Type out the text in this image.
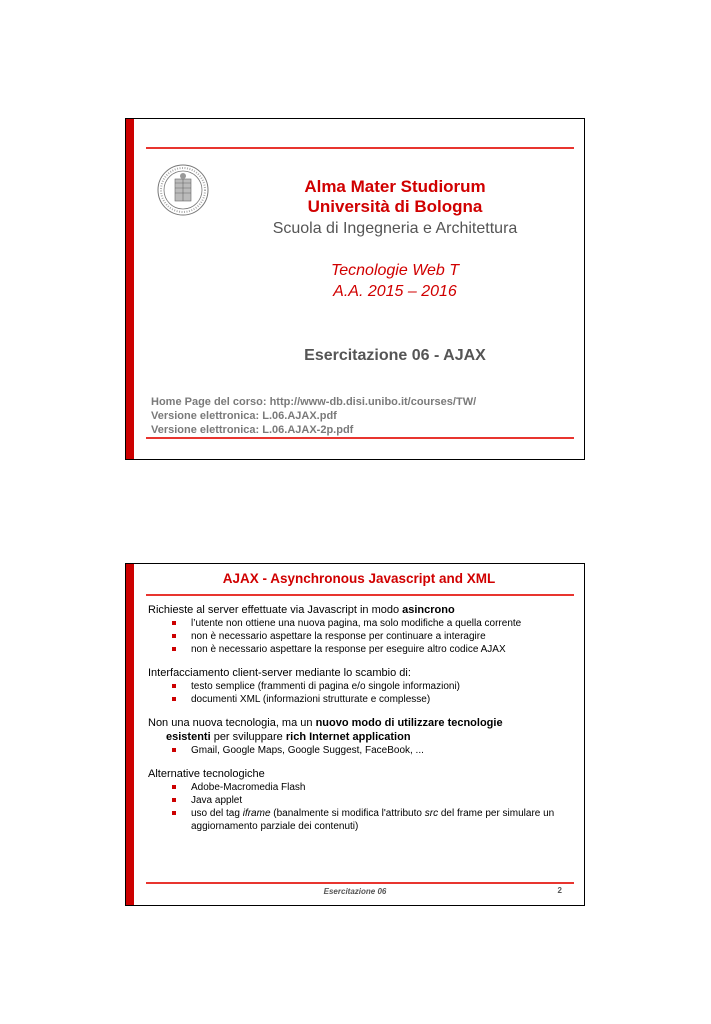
Alma Mater Studiorum
Università di Bologna
Scuola di Ingegneria e Architettura
Tecnologie Web T
A.A. 2015 – 2016
Esercitazione 06 - AJAX
Home Page del corso: http://www-db.disi.unibo.it/courses/TW/
Versione elettronica: L.06.AJAX.pdf
Versione elettronica: L.06.AJAX-2p.pdf
AJAX - Asynchronous Javascript and XML

Richieste al server effettuate via Javascript in modo asincrono

l’utente non ottiene una nuova pagina, ma solo modifiche a quella corrente
non è necessario aspettare la response per continuare a interagire
non è necessario aspettare la response per eseguire altro codice AJAX

Interfacciamento client-server mediante lo scambio di:

testo semplice (frammenti di pagina e/o singole informazioni)
documenti XML (informazioni strutturate e complesse)

Non una nuova tecnologia, ma un nuovo modo di utilizzare tecnologie

esistenti per sviluppare rich Internet application

Gmail, Google Maps, Google Suggest, FaceBook, ...

Alternative tecnologiche

Adobe-Macromedia Flash
Java applet
uso del tag iframe (banalmente si modifica l'attributo src del frame per simulare un aggiornamento parziale dei contenuti)
Esercitazione 06	2
